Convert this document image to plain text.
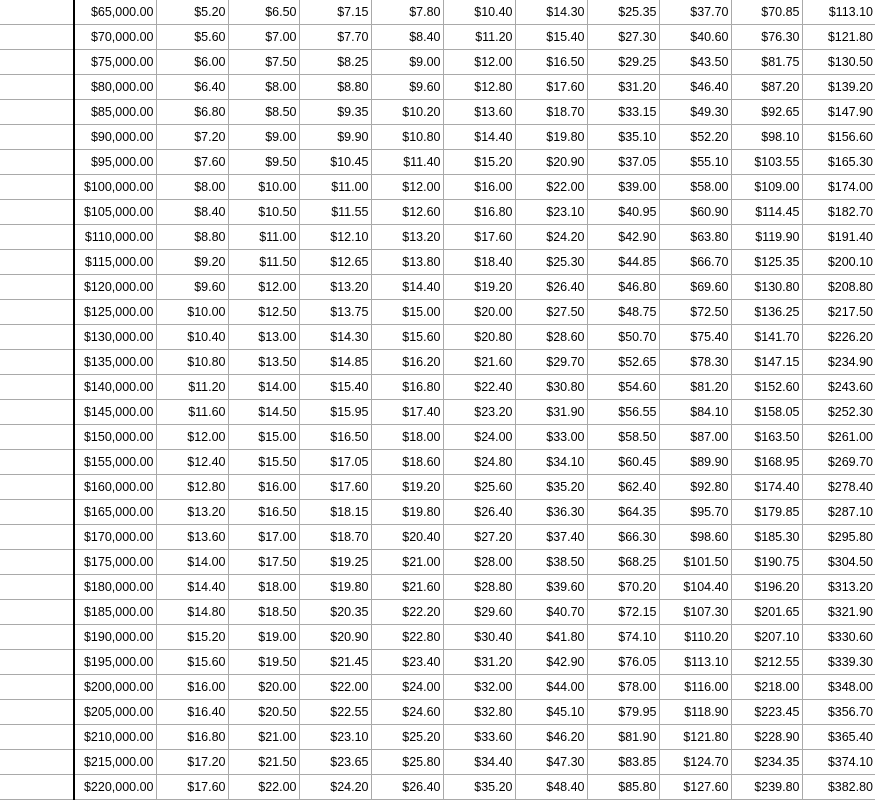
	$65,000.00	$5.20	$6.50	$7.15	$7.80	$10.40	$14.30	$25.35	$37.70	$70.85	$113.10
	$70,000.00	$5.60	$7.00	$7.70	$8.40	$11.20	$15.40	$27.30	$40.60	$76.30	$121.80
	$75,000.00	$6.00	$7.50	$8.25	$9.00	$12.00	$16.50	$29.25	$43.50	$81.75	$130.50
	$80,000.00	$6.40	$8.00	$8.80	$9.60	$12.80	$17.60	$31.20	$46.40	$87.20	$139.20
	$85,000.00	$6.80	$8.50	$9.35	$10.20	$13.60	$18.70	$33.15	$49.30	$92.65	$147.90
	$90,000.00	$7.20	$9.00	$9.90	$10.80	$14.40	$19.80	$35.10	$52.20	$98.10	$156.60
	$95,000.00	$7.60	$9.50	$10.45	$11.40	$15.20	$20.90	$37.05	$55.10	$103.55	$165.30
	$100,000.00	$8.00	$10.00	$11.00	$12.00	$16.00	$22.00	$39.00	$58.00	$109.00	$174.00
	$105,000.00	$8.40	$10.50	$11.55	$12.60	$16.80	$23.10	$40.95	$60.90	$114.45	$182.70
	$110,000.00	$8.80	$11.00	$12.10	$13.20	$17.60	$24.20	$42.90	$63.80	$119.90	$191.40
	$115,000.00	$9.20	$11.50	$12.65	$13.80	$18.40	$25.30	$44.85	$66.70	$125.35	$200.10
	$120,000.00	$9.60	$12.00	$13.20	$14.40	$19.20	$26.40	$46.80	$69.60	$130.80	$208.80
	$125,000.00	$10.00	$12.50	$13.75	$15.00	$20.00	$27.50	$48.75	$72.50	$136.25	$217.50
	$130,000.00	$10.40	$13.00	$14.30	$15.60	$20.80	$28.60	$50.70	$75.40	$141.70	$226.20
	$135,000.00	$10.80	$13.50	$14.85	$16.20	$21.60	$29.70	$52.65	$78.30	$147.15	$234.90
	$140,000.00	$11.20	$14.00	$15.40	$16.80	$22.40	$30.80	$54.60	$81.20	$152.60	$243.60
	$145,000.00	$11.60	$14.50	$15.95	$17.40	$23.20	$31.90	$56.55	$84.10	$158.05	$252.30
	$150,000.00	$12.00	$15.00	$16.50	$18.00	$24.00	$33.00	$58.50	$87.00	$163.50	$261.00
	$155,000.00	$12.40	$15.50	$17.05	$18.60	$24.80	$34.10	$60.45	$89.90	$168.95	$269.70
	$160,000.00	$12.80	$16.00	$17.60	$19.20	$25.60	$35.20	$62.40	$92.80	$174.40	$278.40
	$165,000.00	$13.20	$16.50	$18.15	$19.80	$26.40	$36.30	$64.35	$95.70	$179.85	$287.10
	$170,000.00	$13.60	$17.00	$18.70	$20.40	$27.20	$37.40	$66.30	$98.60	$185.30	$295.80
	$175,000.00	$14.00	$17.50	$19.25	$21.00	$28.00	$38.50	$68.25	$101.50	$190.75	$304.50
	$180,000.00	$14.40	$18.00	$19.80	$21.60	$28.80	$39.60	$70.20	$104.40	$196.20	$313.20
	$185,000.00	$14.80	$18.50	$20.35	$22.20	$29.60	$40.70	$72.15	$107.30	$201.65	$321.90
	$190,000.00	$15.20	$19.00	$20.90	$22.80	$30.40	$41.80	$74.10	$110.20	$207.10	$330.60
	$195,000.00	$15.60	$19.50	$21.45	$23.40	$31.20	$42.90	$76.05	$113.10	$212.55	$339.30
	$200,000.00	$16.00	$20.00	$22.00	$24.00	$32.00	$44.00	$78.00	$116.00	$218.00	$348.00
	$205,000.00	$16.40	$20.50	$22.55	$24.60	$32.80	$45.10	$79.95	$118.90	$223.45	$356.70
	$210,000.00	$16.80	$21.00	$23.10	$25.20	$33.60	$46.20	$81.90	$121.80	$228.90	$365.40
	$215,000.00	$17.20	$21.50	$23.65	$25.80	$34.40	$47.30	$83.85	$124.70	$234.35	$374.10
	$220,000.00	$17.60	$22.00	$24.20	$26.40	$35.20	$48.40	$85.80	$127.60	$239.80	$382.80
